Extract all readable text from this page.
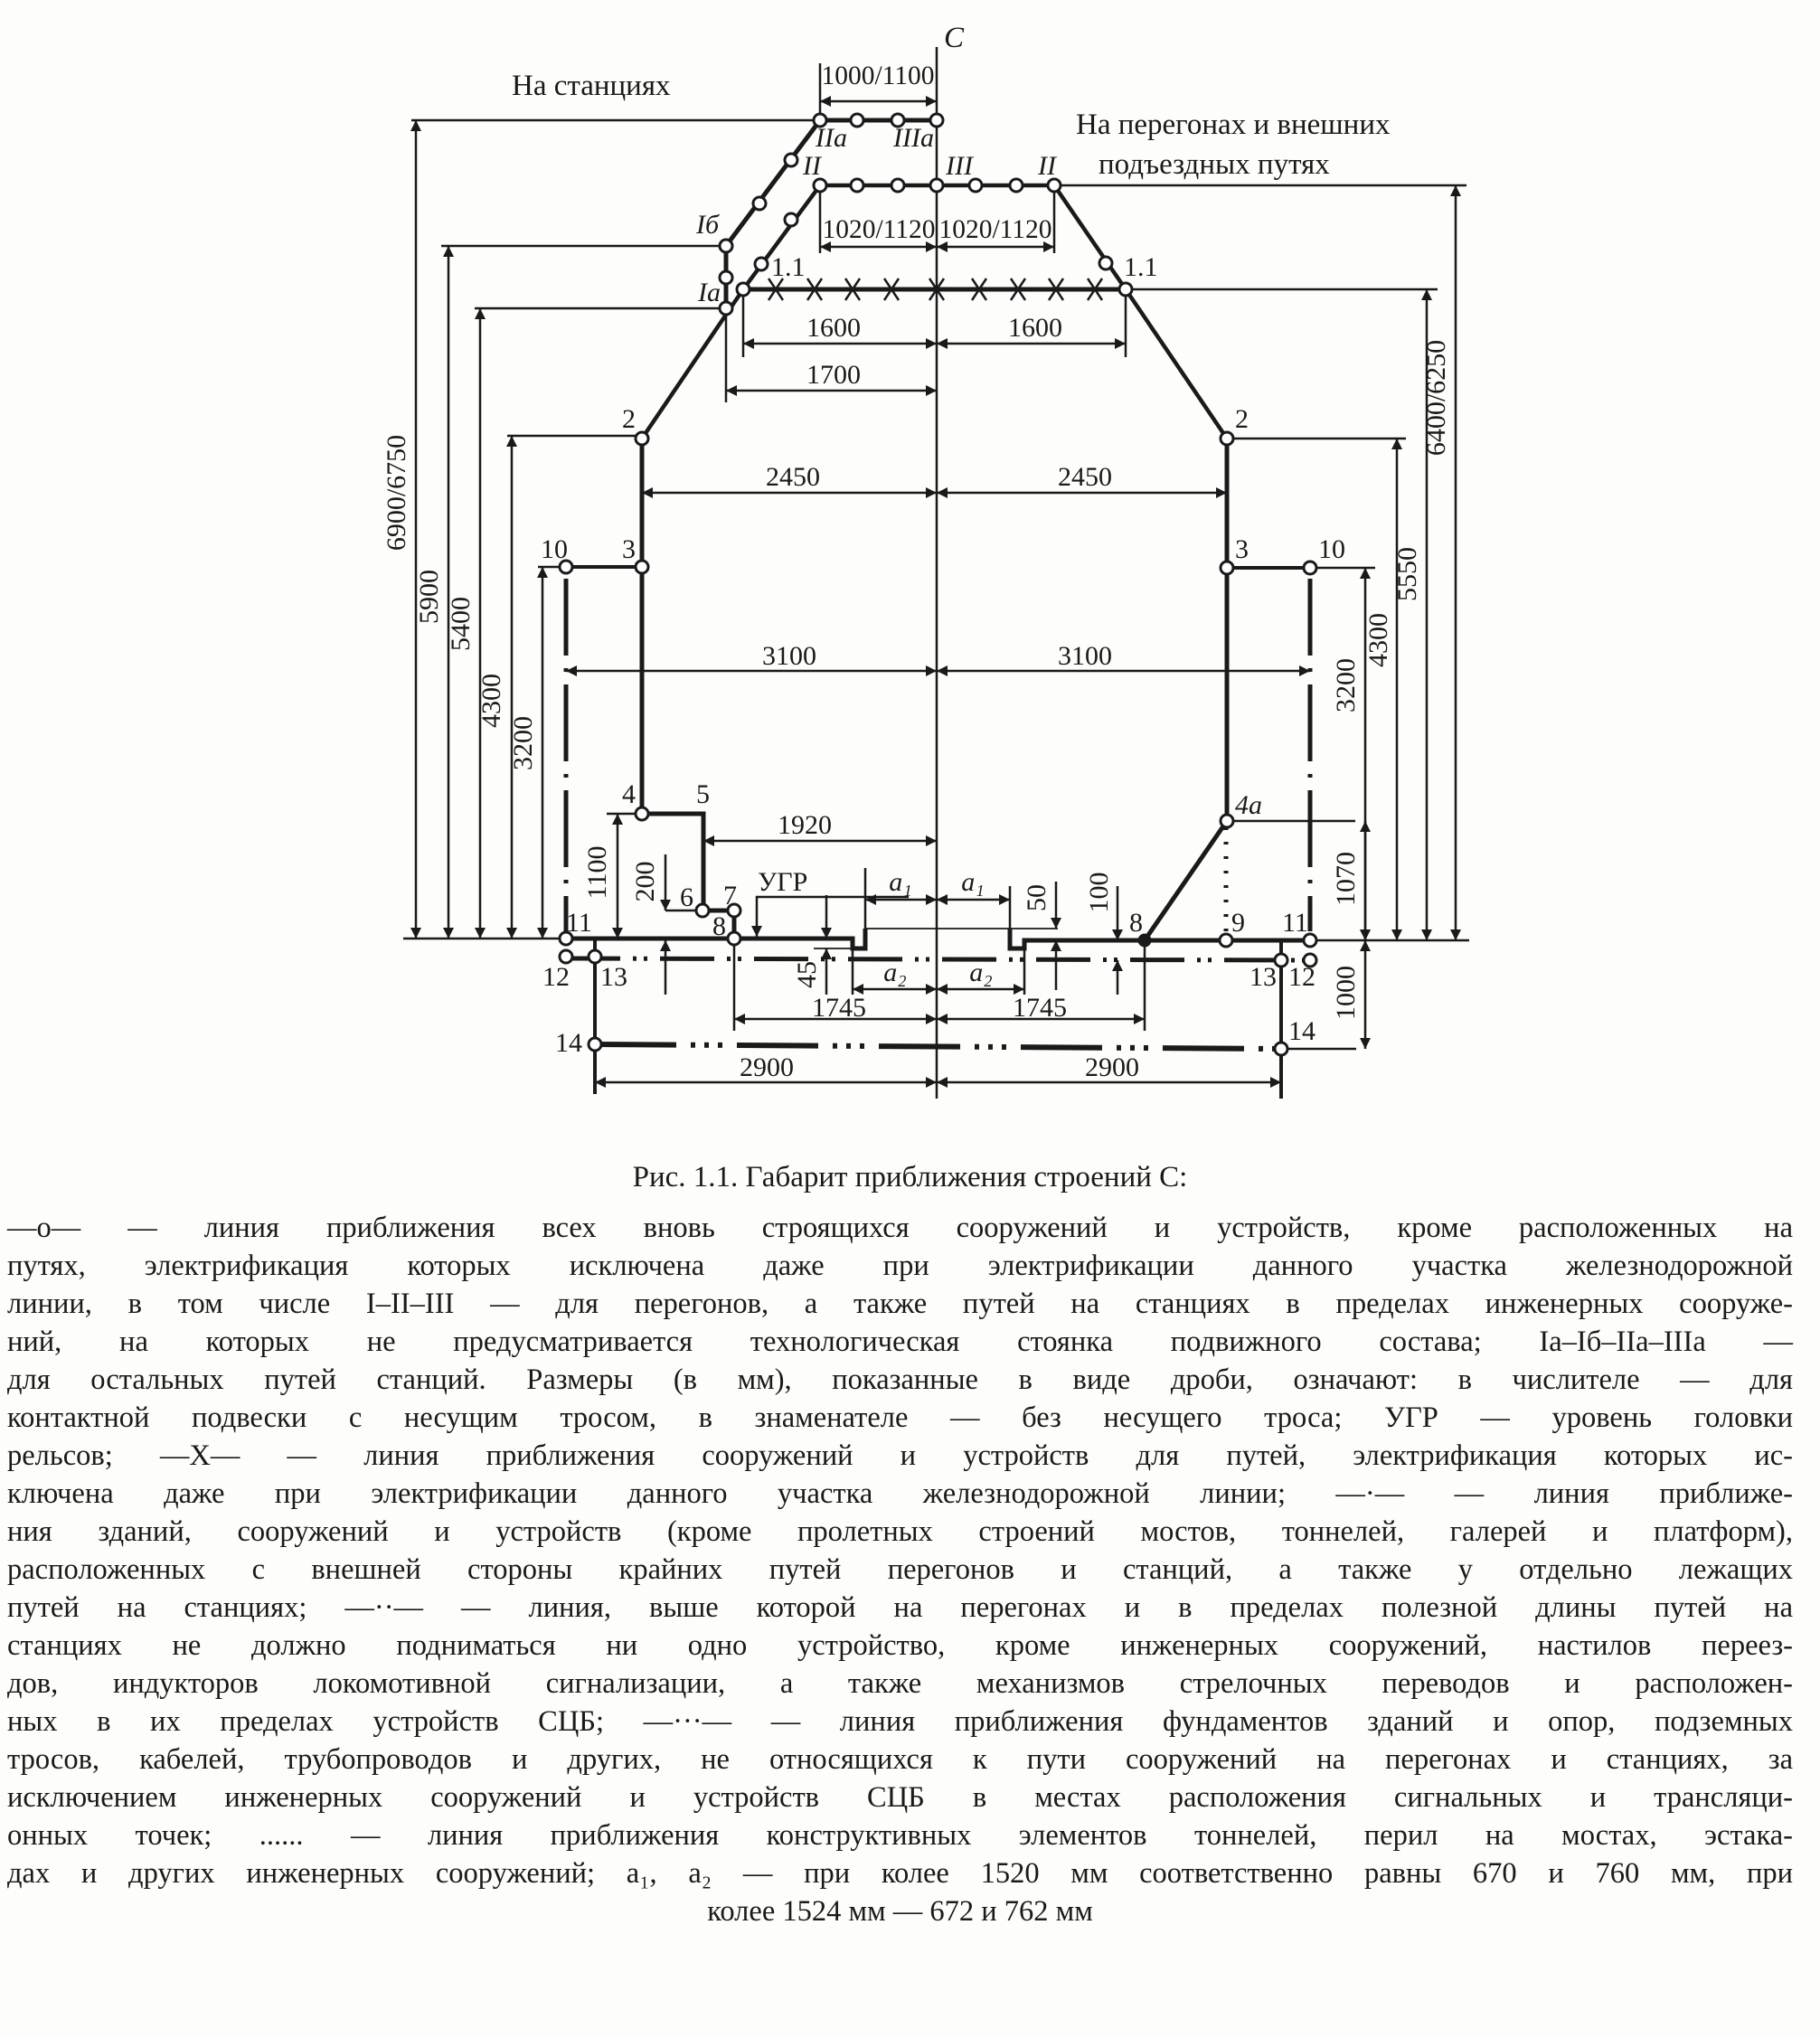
C
На станциях
На перегонах и внешних
подъездных путях
IIa IIIa
II	III II
Iб
Ia
1.1	1.1
2	2
3	3
10	10
4	4a
5
6 7
8	8	9
11	11
12	12
13	13
14	14
УГР
1000/1100
1020/1120 1020/1120
1600	1600
1700
2450	2450
3100	3100
1920
a₁ a₁
a₂ a₂
1745	1745
2900	2900
6900/6750
5900 5400
4300
3200
1100 200
45
50 100	1070
1000
3200
4300
5550
6400/6250
Рис. 1.1. Габарит приближения строений С:
—o— — линия приближения всех вновь строящихся сооружений и устройств, кроме расположенных на
путях, электрификация которых исключена даже при электрификации данного участка железнодорожной
линии, в том числе I–II–III — для перегонов, а также путей на станциях в пределах инженерных сооруже-
ний, на которых не предусматривается технологическая стоянка подвижного состава; Ia–Iб–IIa–IIIa —
для остальных путей станций. Размеры (в мм), показанные в виде дроби, означают: в числителе — для
контактной подвески с несущим тросом, в знаменателе — без несущего троса; УГР — уровень головки
рельсов; —X— — линия приближения сооружений и устройств для путей, электрификация которых ис-
ключена даже при электрификации данного участка железнодорожной линии; —·— — линия приближе-
ния зданий, сооружений и устройств (кроме пролетных строений мостов, тоннелей, галерей и платформ),
расположенных с внешней стороны крайних путей перегонов и станций, а также у отдельно лежащих
путей на станциях; —··— — линия, выше которой на перегонах и в пределах полезной длины путей на
станциях не должно подниматься ни одно устройство, кроме инженерных сооружений, настилов переез-
дов, индукторов локомотивной сигнализации, а также механизмов стрелочных переводов и расположен-
ных в их пределах устройств СЦБ; —···— — линия приближения фундаментов зданий и опор, подземных
тросов, кабелей, трубопроводов и других, не относящихся к пути сооружений на перегонах и станциях, за
исключением инженерных сооружений и устройств СЦБ в местах расположения сигнальных и трансляци-
онных точек; ...... — линия приближения конструктивных элементов тоннелей, перил на мостах, эстака-
дах и других инженерных сооружений; a₁, a₂ — при колее 1520 мм соответственно равны 670 и 760 мм, при
колее 1524 мм — 672 и 762 мм
